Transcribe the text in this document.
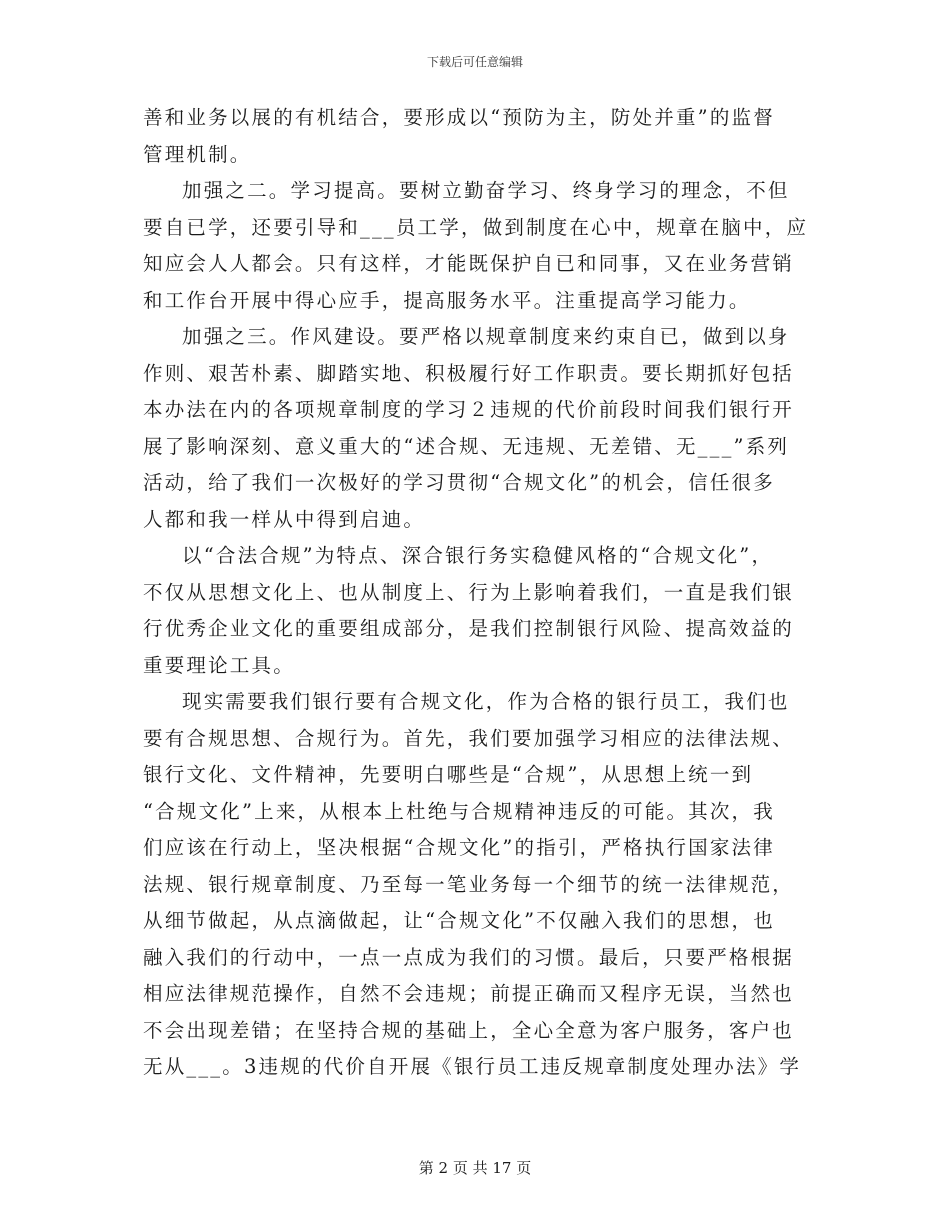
下载后可任意编辑
善和业务以展的有机结合，要形成以“预防为主，防处并重”的监督
管理机制。
加强之二。学习提高。要树立勤奋学习、终身学习的理念，不但
要自已学，还要引导和___员工学，做到制度在心中，规章在脑中，应
知应会人人都会。只有这样，才能既保护自已和同事，又在业务营销
和工作台开展中得心应手，提高服务水平。注重提高学习能力。
加强之三。作风建设。要严格以规章制度来约束自已，做到以身
作则、艰苦朴素、脚踏实地、积极履行好工作职责。要长期抓好包括
本办法在内的各项规章制度的学习２违规的代价前段时间我们银行开
展了影响深刻、意义重大的“述合规、无违规、无差错、无___”系列
活动，给了我们一次极好的学习贯彻“合规文化”的机会，信任很多
人都和我一样从中得到启迪。
以“合法合规”为特点、深合银行务实稳健风格的“合规文化”，
不仅从思想文化上、也从制度上、行为上影响着我们，一直是我们银
行优秀企业文化的重要组成部分，是我们控制银行风险、提高效益的
重要理论工具。
现实需要我们银行要有合规文化，作为合格的银行员工，我们也
要有合规思想、合规行为。首先，我们要加强学习相应的法律法规、
银行文化、文件精神，先要明白哪些是“合规”，从思想上统一到
“合规文化”上来，从根本上杜绝与合规精神违反的可能。其次，我
们应该在行动上，坚决根据“合规文化”的指引，严格执行国家法律
法规、银行规章制度、乃至每一笔业务每一个细节的统一法律规范，
从细节做起，从点滴做起，让“合规文化”不仅融入我们的思想，也
融入我们的行动中，一点一点成为我们的习惯。最后，只要严格根据
相应法律规范操作，自然不会违规；前提正确而又程序无误，当然也
不会出现差错；在坚持合规的基础上，全心全意为客户服务，客户也
无从___。3违规的代价自开展《银行员工违反规章制度处理办法》学
第 2 页 共 17 页
